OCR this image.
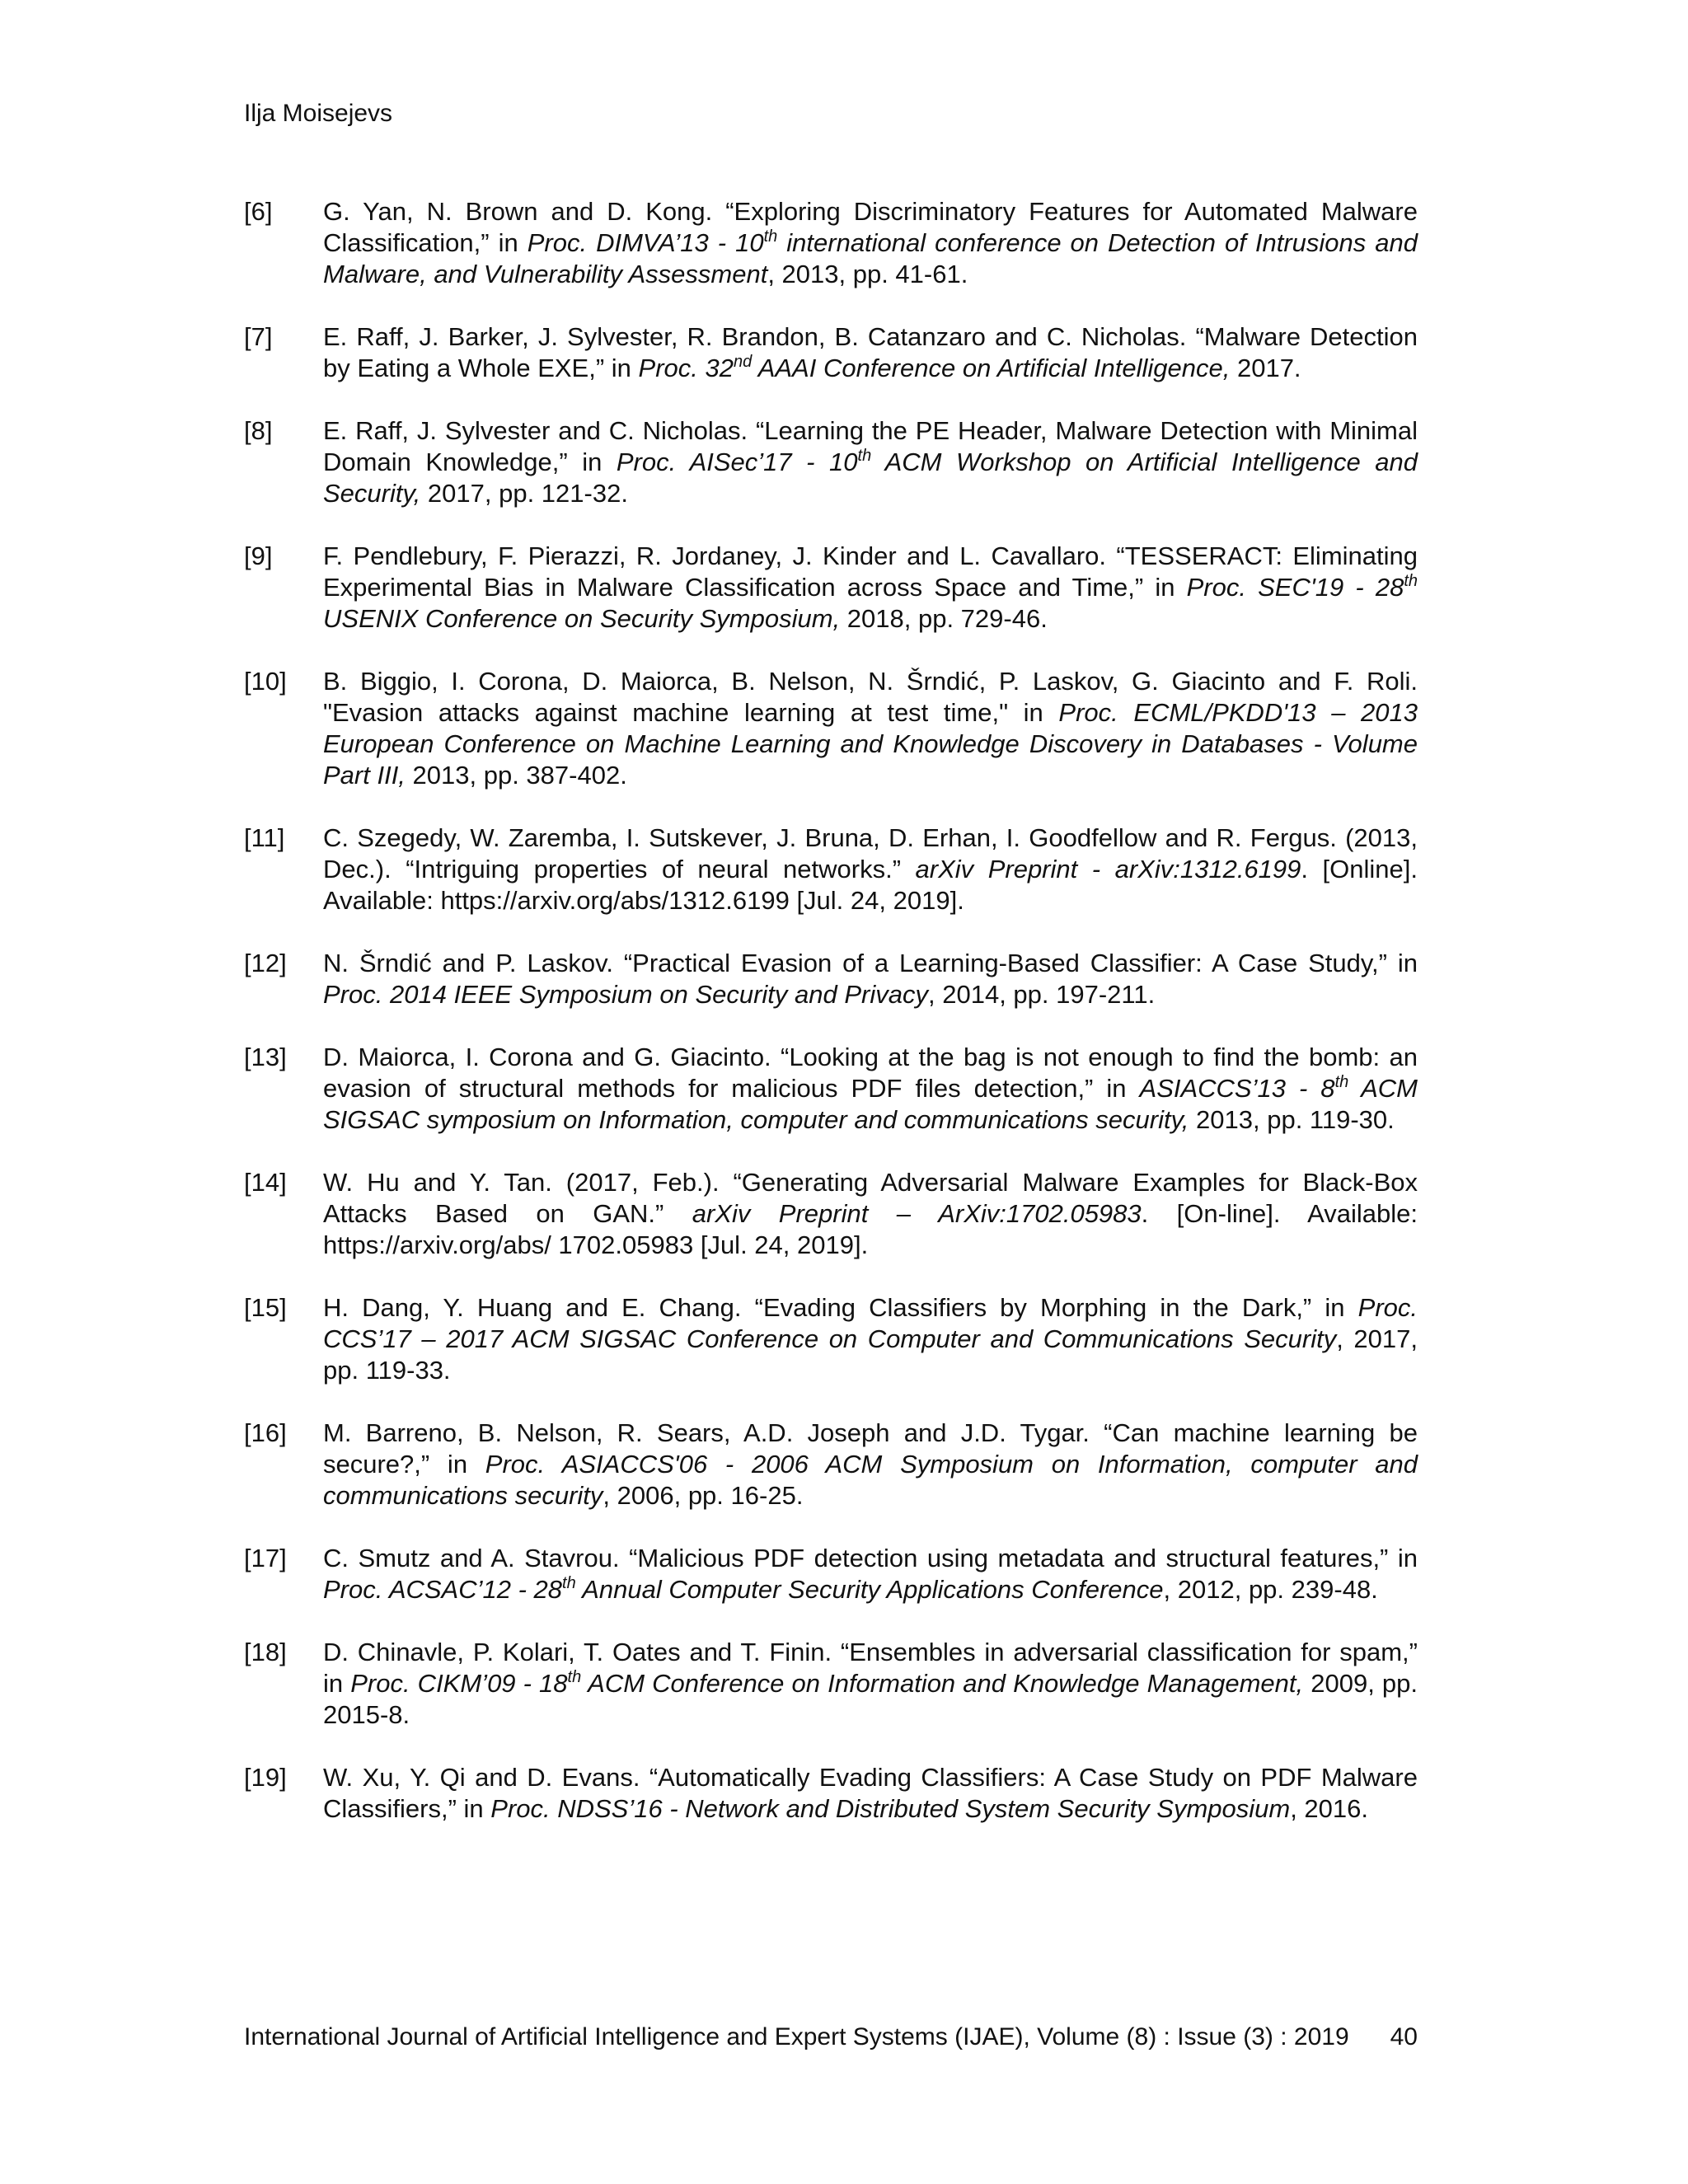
Ilja Moisejevs
[6] G. Yan, N. Brown and D. Kong. “Exploring Discriminatory Features for Automated Malware Classification,” in Proc. DIMVA’13 - 10th international conference on Detection of Intrusions and Malware, and Vulnerability Assessment, 2013, pp. 41-61.
[7] E. Raff, J. Barker, J. Sylvester, R. Brandon, B. Catanzaro and C. Nicholas. “Malware Detection by Eating a Whole EXE,” in Proc. 32nd AAAI Conference on Artificial Intelligence, 2017.
[8] E. Raff, J. Sylvester and C. Nicholas. “Learning the PE Header, Malware Detection with Minimal Domain Knowledge,” in Proc. AISec’17 - 10th ACM Workshop on Artificial Intelligence and Security, 2017, pp. 121-32.
[9] F. Pendlebury, F. Pierazzi, R. Jordaney, J. Kinder and L. Cavallaro. “TESSERACT: Eliminating Experimental Bias in Malware Classification across Space and Time,” in Proc. SEC'19 - 28th USENIX Conference on Security Symposium, 2018, pp. 729-46.
[10] B. Biggio, I. Corona, D. Maiorca, B. Nelson, N. Šrndić, P. Laskov, G. Giacinto and F. Roli. "Evasion attacks against machine learning at test time," in Proc. ECML/PKDD'13 – 2013 European Conference on Machine Learning and Knowledge Discovery in Databases - Volume Part III, 2013, pp. 387-402.
[11] C. Szegedy, W. Zaremba, I. Sutskever, J. Bruna, D. Erhan, I. Goodfellow and R. Fergus. (2013, Dec.). “Intriguing properties of neural networks.” arXiv Preprint - arXiv:1312.6199. [Online]. Available: https://arxiv.org/abs/1312.6199 [Jul. 24, 2019].
[12] N. Šrndić and P. Laskov. “Practical Evasion of a Learning-Based Classifier: A Case Study,” in Proc. 2014 IEEE Symposium on Security and Privacy, 2014, pp. 197-211.
[13] D. Maiorca, I. Corona and G. Giacinto. “Looking at the bag is not enough to find the bomb: an evasion of structural methods for malicious PDF files detection,” in ASIACCS’13 - 8th ACM SIGSAC symposium on Information, computer and communications security, 2013, pp. 119-30.
[14] W. Hu and Y. Tan. (2017, Feb.). “Generating Adversarial Malware Examples for Black-Box Attacks Based on GAN.” arXiv Preprint – ArXiv:1702.05983. [On-line]. Available: https://arxiv.org/abs/ 1702.05983 [Jul. 24, 2019].
[15] H. Dang, Y. Huang and E. Chang. “Evading Classifiers by Morphing in the Dark,” in Proc. CCS’17 – 2017 ACM SIGSAC Conference on Computer and Communications Security, 2017, pp. 119-33.
[16] M. Barreno, B. Nelson, R. Sears, A.D. Joseph and J.D. Tygar. “Can machine learning be secure?,” in Proc. ASIACCS'06 - 2006 ACM Symposium on Information, computer and communications security, 2006, pp. 16-25.
[17] C. Smutz and A. Stavrou. “Malicious PDF detection using metadata and structural features,” in Proc. ACSAC’12 - 28th Annual Computer Security Applications Conference, 2012, pp. 239-48.
[18] D. Chinavle, P. Kolari, T. Oates and T. Finin. “Ensembles in adversarial classification for spam,” in Proc. CIKM’09 - 18th ACM Conference on Information and Knowledge Management, 2009, pp. 2015-8.
[19] W. Xu, Y. Qi and D. Evans. “Automatically Evading Classifiers: A Case Study on PDF Malware Classifiers,” in Proc. NDSS’16 - Network and Distributed System Security Symposium, 2016.
International Journal of Artificial Intelligence and Expert Systems (IJAE), Volume (8) : Issue (3) : 2019 40
